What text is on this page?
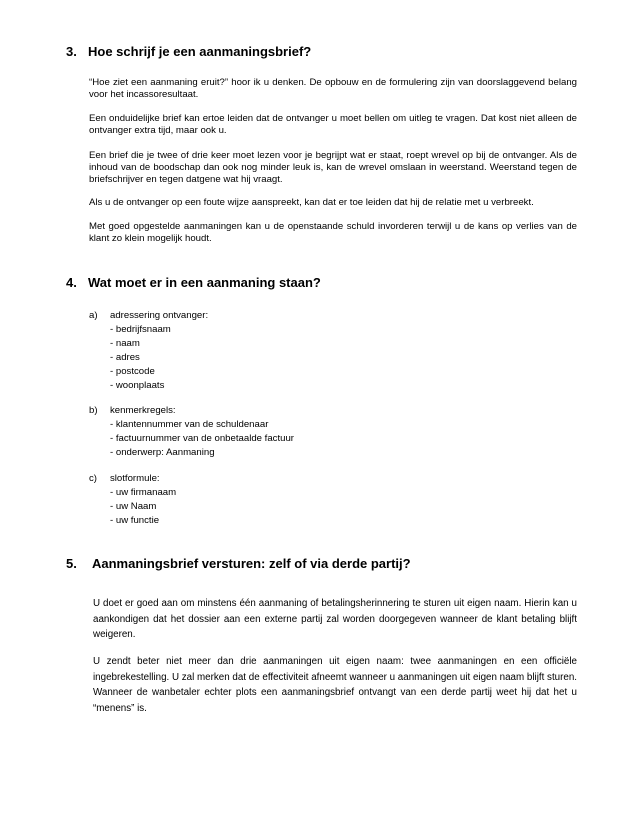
3. Hoe schrijf je een aanmaningsbrief?

“Hoe ziet een aanmaning eruit?” hoor ik u denken. De opbouw en de formulering zijn van doorslaggevend belang voor het incassoresultaat.

Een onduidelijke brief kan ertoe leiden dat de ontvanger u moet bellen om uitleg te vragen. Dat kost niet alleen de ontvanger extra tijd, maar ook u.

Een brief die je twee of drie keer moet lezen voor je begrijpt wat er staat, roept wrevel op bij de ontvanger. Als de inhoud van de boodschap dan ook nog minder leuk is, kan de wrevel omslaan in weerstand. Weerstand tegen de briefschrijver en tegen datgene wat hij vraagt.

Als u de ontvanger op een foute wijze aanspreekt, kan dat er toe leiden dat hij de relatie met u verbreekt.

Met goed opgestelde aanmaningen kan u de openstaande schuld invorderen terwijl u de kans op verlies van de klant zo klein mogelijk houdt.

4. Wat moet er in een aanmaning staan?
a) adressering ontvanger:
- bedrijfsnaam
- naam
- adres
- postcode
- woonplaats
b) kenmerkregels:
- klantennummer van de schuldenaar
- factuurnummer van de onbetaalde factuur
- onderwerp: Aanmaning
c) slotformule:
- uw firmanaam
- uw Naam
- uw functie
5. Aanmaningsbrief versturen: zelf of via derde partij?

U doet er goed aan om minstens één aanmaning of betalingsherinnering te sturen uit eigen naam. Hierin kan u aankondigen dat het dossier aan een externe partij zal worden doorgegeven wanneer de klant betaling blijft weigeren.

U zendt beter niet meer dan drie aanmaningen uit eigen naam: twee aanmaningen en een officiële ingebrekestelling. U zal merken dat de effectiviteit afneemt wanneer u aanmaningen uit eigen naam blijft sturen. Wanneer de wanbetaler echter plots een aanmaningsbrief ontvangt van een derde partij weet hij dat het u “menens” is.
